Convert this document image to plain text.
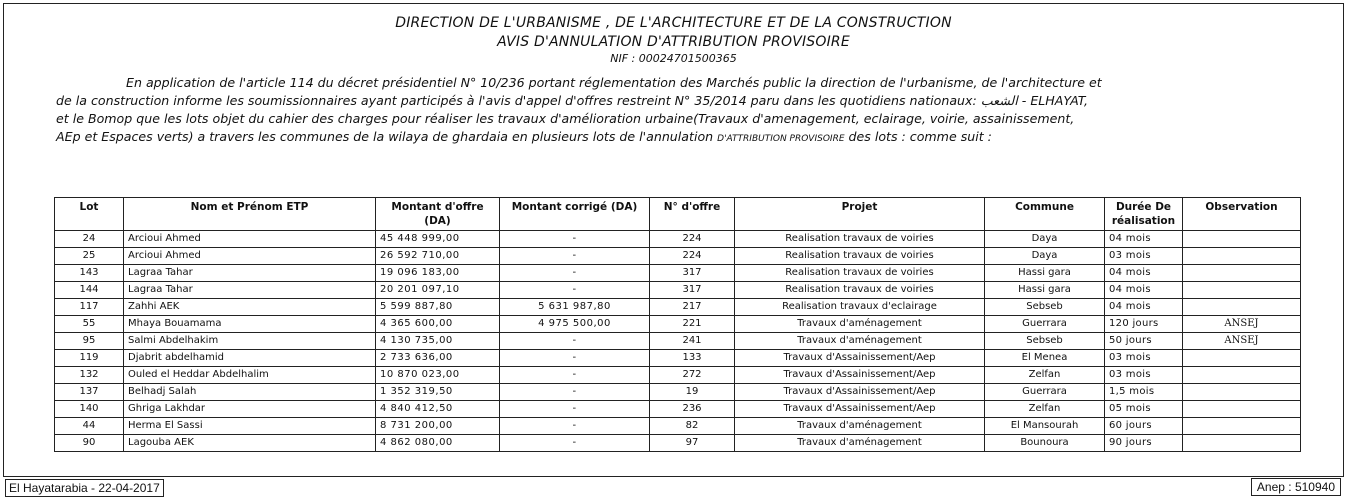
DIRECTION DE L'URBANISME , DE L'ARCHITECTURE ET DE LA CONSTRUCTION
AVIS D'ANNULATION D'ATTRIBUTION PROVISOIRE
NIF : 00024701500365
En application de l'article 114 du décret présidentiel N° 10/236 portant réglementation des Marchés public la direction de l'urbanisme, de l'architecture et
de la construction informe les soumissionnaires ayant participés à l'avis d'appel d'offres restreint N° 35/2014 paru dans les quotidiens nationaux: الشعب - ELHAYAT,
et le Bomop que les lots objet du cahier des charges pour réaliser les travaux d'amélioration urbaine(Travaux d'amenagement, eclairage, voirie, assainissement,
AEp et Espaces verts) a travers les communes de la wilaya de ghardaia en plusieurs lots de l'annulation D'ATTRIBUTION PROVISOIRE des lots : comme suit :
Lot	Nom et Prénom ETP	Montant d'offre (DA)	Montant corrigé (DA)	N° d'offre	Projet	Commune	Durée De réalisation	Observation
24	Arcioui Ahmed	45 448 999,00	-	224	Realisation travaux de voiries	Daya	04 mois	
25	Arcioui Ahmed	26 592 710,00	-	224	Realisation travaux de voiries	Daya	03 mois	
143	Lagraa Tahar	19 096 183,00	-	317	Realisation travaux de voiries	Hassi gara	04 mois	
144	Lagraa Tahar	20 201 097,10	-	317	Realisation travaux de voiries	Hassi gara	04 mois	
117	Zahhi AEK	5 599 887,80	5 631 987,80	217	Realisation travaux d'eclairage	Sebseb	04 mois	
55	Mhaya Bouamama	4 365 600,00	4 975 500,00	221	Travaux d'aménagement	Guerrara	120 jours	ANSEJ
95	Salmi Abdelhakim	4 130 735,00	-	241	Travaux d'aménagement	Sebseb	50 jours	ANSEJ
119	Djabrit abdelhamid	2 733 636,00	-	133	Travaux d'Assainissement/Aep	El Menea	03 mois	
132	Ouled el Heddar Abdelhalim	10 870 023,00	-	272	Travaux d'Assainissement/Aep	Zelfan	03 mois	
137	Belhadj Salah	1 352 319,50	-	19	Travaux d'Assainissement/Aep	Guerrara	1,5 mois	
140	Ghriga Lakhdar	4 840 412,50	-	236	Travaux d'Assainissement/Aep	Zelfan	05 mois	
44	Herma El Sassi	8 731 200,00	-	82	Travaux d'aménagement	El Mansourah	60 jours	
90	Lagouba AEK	4 862 080,00	-	97	Travaux d'aménagement	Bounoura	90 jours	
El Hayatarabia - 22-04-2017	Anep : 510940
